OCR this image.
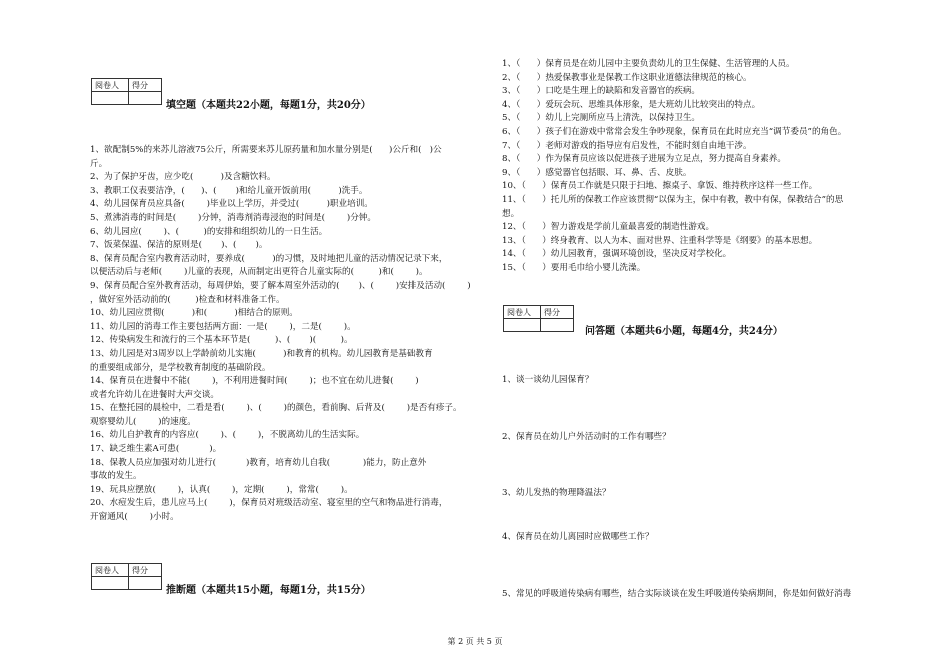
阅卷人	得分

填空题（本题共22小题，每题1分，共20分）
1、欲配制5%的来苏儿溶液75公斤，所需要来苏儿原药量和加水量分别是(      )公斤和(   )公
斤。
2、为了保护牙齿，应少吃(          )及含糖饮料。
3、教职工仪表要洁净，(      )、(       )和给儿童开饭前用(          )洗手。
4、幼儿园保育员应具备(        )毕业以上学历，并受过(          )职业培训。
5、煮沸消毒的时间是(        )分钟，消毒剂消毒浸泡的时间是(        )分钟。
6、幼儿园应(        )、(         )的安排和组织幼儿的一日生活。
7、饭菜保温、保洁的原则是(       )、(       )。
8、保育员配合室内教育活动时，要养成(          )的习惯，及时地把儿童的活动情况记录下来，
以便活动后与老师(        )儿童的表现，从而制定出更符合儿童实际的(         )和(        )。
9、保育员配合室外教育活动，每周伊始，要了解本周室外活动的(       )、(        )安排及活动(        )
，做好室外活动前的(         )检查和材料准备工作。
10、幼儿园应贯彻(          )和(          )相结合的原则。
11、幼儿园的消毒工作主要包括两方面：一是(        )，二是(        )。
12、传染病发生和流行的三个基本环节是(         )、(       )(         )。
13、幼儿园是对3周岁以上学龄前幼儿实施(          )和教育的机构。幼儿园教育是基础教育
的重要组成部分，是学校教育制度的基础阶段。
14、保育员在进餐中不能(        )，不利用进餐时间(        )；也不宜在幼儿进餐(        )
或者允许幼儿在进餐时大声交谈。
15、在整托园的晨检中，二看是看(        )、(        )的颜色，看前胸、后背及(        )是否有疹子。
观察婴幼儿(        )的速度。
16、幼儿自护教育的内容应(        )、(        )，不脱离幼儿的生活实际。
17、缺乏维生素A可患(           )。
18、保教人员应加强对幼儿进行(           )教育，培育幼儿自我(            )能力，防止意外
事故的发生。
19、玩具应摆放(        )，认真(        )，定期(        )，常常(        )。
20、水痘发生后，患儿应马上(        )，保育员对班级活动室、寝室里的空气和物品进行消毒，
开窗通风(        )小时。
阅卷人	得分

推断题（本题共15小题，每题1分，共15分）
1、（      ）保育员是在幼儿园中主要负责幼儿的卫生保健、生活管理的人员。
2、（      ）热爱保教事业是保教工作这职业道德法律规范的核心。
3、（      ）口吃是生理上的缺陷和发音器官的疾病。
4、（      ）爱玩会玩、思维具体形象，是大班幼儿比较突出的特点。
5、（      ）幼儿上完厕所应马上清洗，以保持卫生。
6、（      ）孩子们在游戏中常常会发生争吵现象，保育员在此时应充当“调节委员”的角色。
7、（      ）老师对游戏的指导应有启发性，不能时刻自由地干涉。
8、（      ）作为保育员应该以促进孩子进展为立足点，努力提高自身素养。
9、（      ）感觉器官包括眼、耳、鼻、舌、皮肤。
10、（      ）保育员工作就是只限于扫地、擦桌子、拿饭、维持秩序这样一些工作。
11、（      ）托儿所的保教工作应该贯彻“以保为主，保中有教，教中有保，保教结合”的思
想。
12、（      ）智力游戏是学前儿童最喜爱的制造性游戏。
13、（      ）终身教育、以人为本、面对世界、注重科学等是《纲要》的基本思想。
14、（      ）幼儿园教育，强调环境创设，坚决反对学校化。
15、（      ）要用毛巾给小婴儿洗澡。
阅卷人	得分

问答题（本题共6小题，每题4分，共24分）
1、谈一谈幼儿园保育？
2、保育员在幼儿户外活动时的工作有哪些？
3、幼儿发热的物理降温法？
4、保育员在幼儿离园时应做哪些工作？
5、常见的呼吸道传染病有哪些，结合实际谈谈在发生呼吸道传染病期间，你是如何做好消毒
第 2 页 共 5 页
